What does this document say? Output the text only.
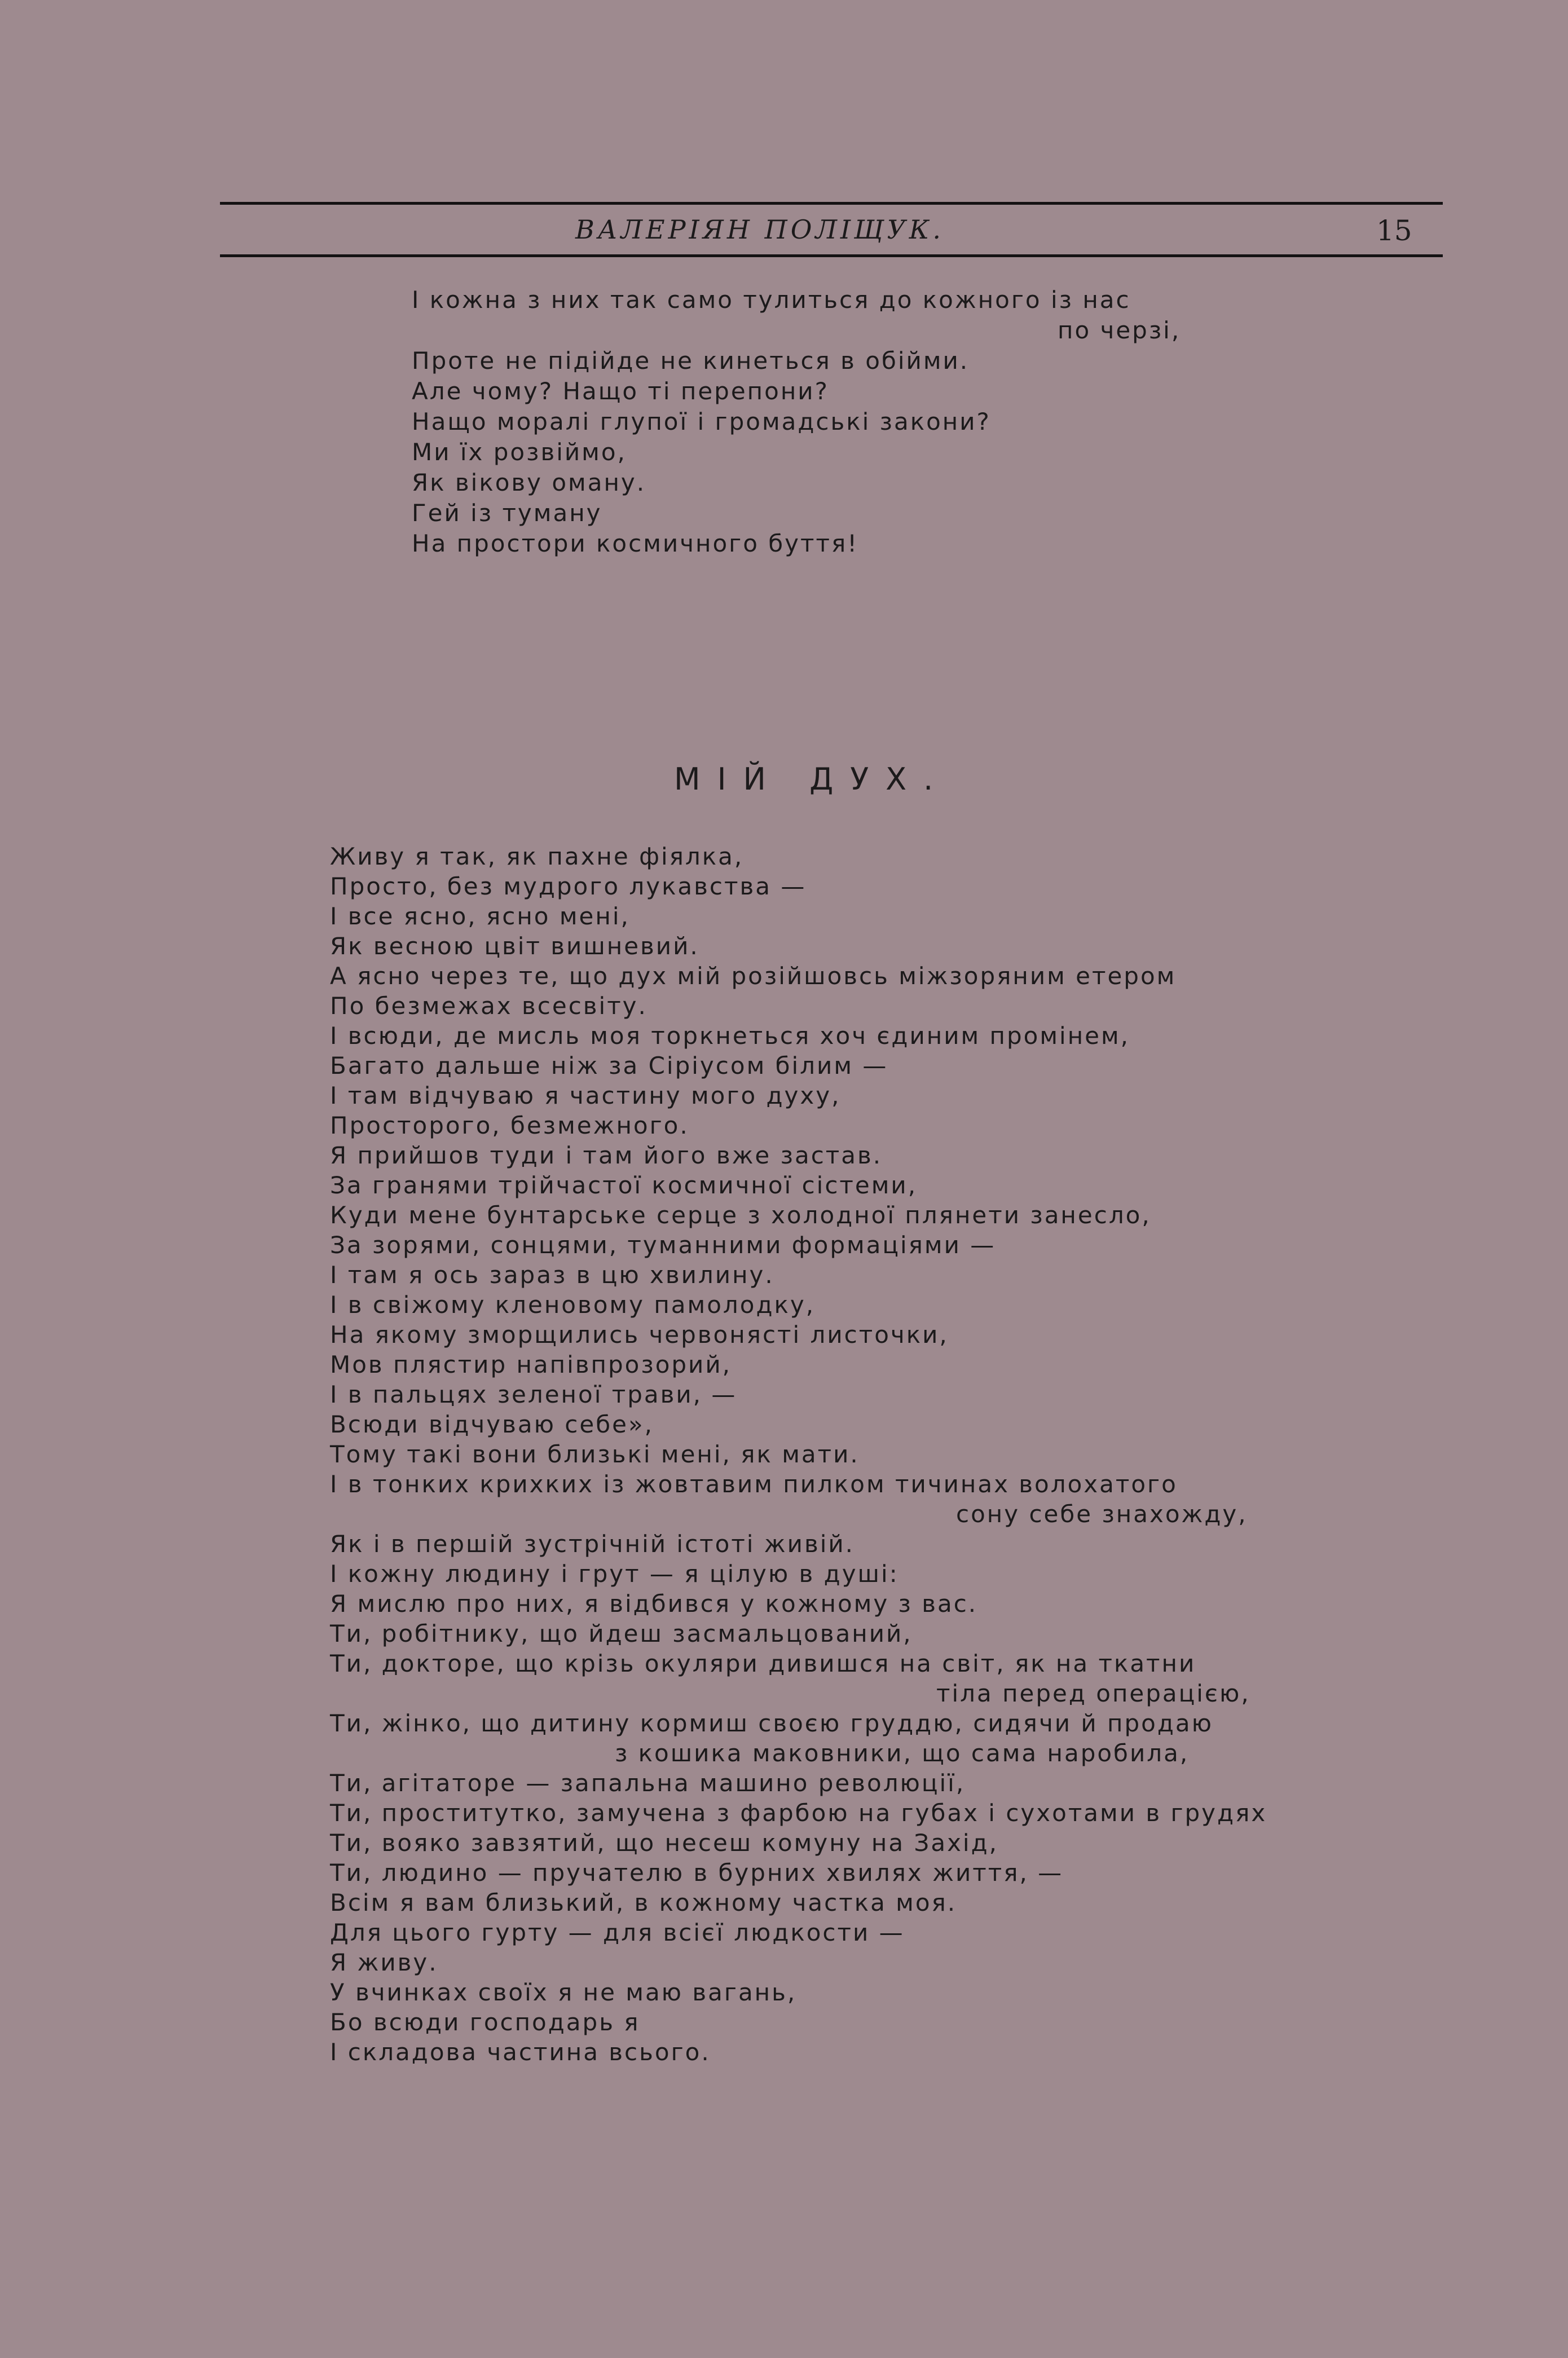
ВАЛЕРІЯН ПОЛІЩУК.	15
І кожна з них так само тулиться до кожного із нас
по черзі,
Проте не підійде не кинеться в обійми.
Але чому? Нащо ті перепони?
Нащо моралі глупої і громадські закони?
Ми їх розвіймо,
Як вікову оману.
Гей із туману
На простори космичного буття!
МІЙ ДУХ.
Живу я так, як пахне фіялка,
Просто, без мудрого лукавства —
І все ясно, ясно мені,
Як весною цвіт вишневий.
А ясно через те, що дух мій розійшовсь міжзоряним етером
По безмежах всесвіту.
І всюди, де мисль моя торкнеться хоч єдиним промінем,
Багато дальше ніж за Сіріусом білим —
І там відчуваю я частину мого духу,
Просторого, безмежного.
Я прийшов туди і там його вже застав.
За гранями трійчастої космичної сістеми,
Куди мене бунтарське серце з холодної плянети занесло,
За зорями, сонцями, туманними формаціями —
І там я ось зараз в цю хвилину.
І в свіжому кленовому памолодку,
На якому зморщились червонясті листочки,
Мов плястир напівпрозорий,
І в пальцях зеленої трави, —
Всюди відчуваю себе»,
Тому такі вони близькі мені, як мати.
І в тонких крихких із жовтавим пилком тичинах волохатого
сону себе знахожду,
Як і в першій зустрічній істоті живій.
І кожну людину і грут — я цілую в душі:
Я мислю про них, я відбився у кожному з вас.
Ти, робітнику, що йдеш засмальцований,
Ти, докторе, що крізь окуляри дивишся на світ, як на ткатни
тіла перед операцією,
Ти, жінко, що дитину кормиш своєю груддю, сидячи й продаю
з кошика маковники, що сама наробила,
Ти, агітаторе — запальна машино революції,
Ти, проститутко, замучена з фарбою на губах і сухотами в грудях
Ти, вояко завзятий, що несеш комуну на Захід,
Ти, людино — пручателю в бурних хвилях життя, —
Всім я вам близький, в кожному частка моя.
Для цього гурту — для всієї людкости —
Я живу.
У вчинках своїх я не маю вагань,
Бо всюди господарь я
І складова частина всього.
